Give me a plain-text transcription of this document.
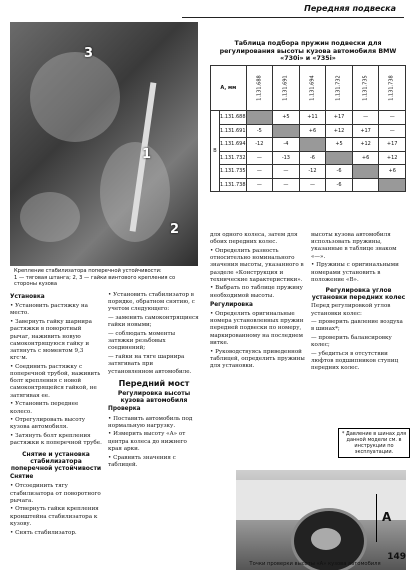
Передняя подвеска
3
1
2
Крепление стабилизатора поперечной устойчивости:
1 — тяговая штанга; 2, 3 — гайки винтового крепления со стороны кузова
Установка

• Установить растяжку на место.

• Завернуть гайку шарнира растяжки в поворотный рычаг, наживить новую самоконтрящуюся гайку и затянуть с моментом 9,3 кгс·м.

• Соединить растяжку с поперечной трубой, наживить болт крепления с новой самоконтрящейся гайкой, не затягивая ее.

• Установить переднее колесо.

• Отрегулировать высоту кузова автомобиля.

• Затянуть болт крепления растяжки к поперечной трубе.

Снятие и установка стабилизатора поперечной устойчивости
Снятие

• Отсоединить тягу стабилизатора от поворотного рычага.

• Отвернуть гайки крепления кронштейна стабилизатора к кузову.

• Снять стабилизатор.

• Установить стабилизатор в порядке, обратном снятию, с учетом следующего:

— заменить самоконтрящиеся гайки новыми;

— соблюдать моменты затяжки резьбовых соединений;

— гайки на тяге шарнира затягивать при установленном автомобиле.

Передний мост
Регулировка высоты кузова автомобиля
Проверка

• Поставить автомобиль под нормальную нагрузку.

• Измерить высоту «A» от центра колеса до нижнего края арки.

• Сравнить значения с таблицей.

Таблица подбора пружин подвески для регулирования высоты кузова автомобиля BMW «730i» и «735i»
A, мм		1.131.688	1.131.691	1.131.694	1.131.732	1.131.735	1.131.738
B	1.131.688		+5	+11	+17	—	—
	1.131.691	-5		+6	+12	+17	—
	1.131.694	-12	-4		+5	+12	+17
	1.131.732	—	-13	-6		+6	+12
	1.131.735	—	—	-12	-6		+6
	1.131.738	—	—	—	-6		

для одного колеса, затем для обоих передних колес.

• Определить разность относительно номинального значения высоты, указанного в разделе «Конструкция и технические характеристики».

• Выбрать по таблице пружину необходимой высоты.

Регулировка

• Определить оригинальные номера установленных пружин передней подвески по номеру, маркированному на последнем витке.

• Руководствуясь приведенной таблицей, определить пружины для установки.

высоты кузова автомобиля использовать пружины, указанные в таблице знаком «—».

• Пружины с оригинальными номерами установить в положение «В».

Регулировка углов установки передних колес

Перед регулировкой углов установки колес:

— проверить давление воздуха в шинах*;

— проверить балансировку колес;

— убедиться в отсутствии люфтов подшипников ступиц передних колес.

* Давление в шинах для данной модели см. в инструкции по эксплуатации.
A
Точки проверки высоты «А» кузова автомобиля
149
